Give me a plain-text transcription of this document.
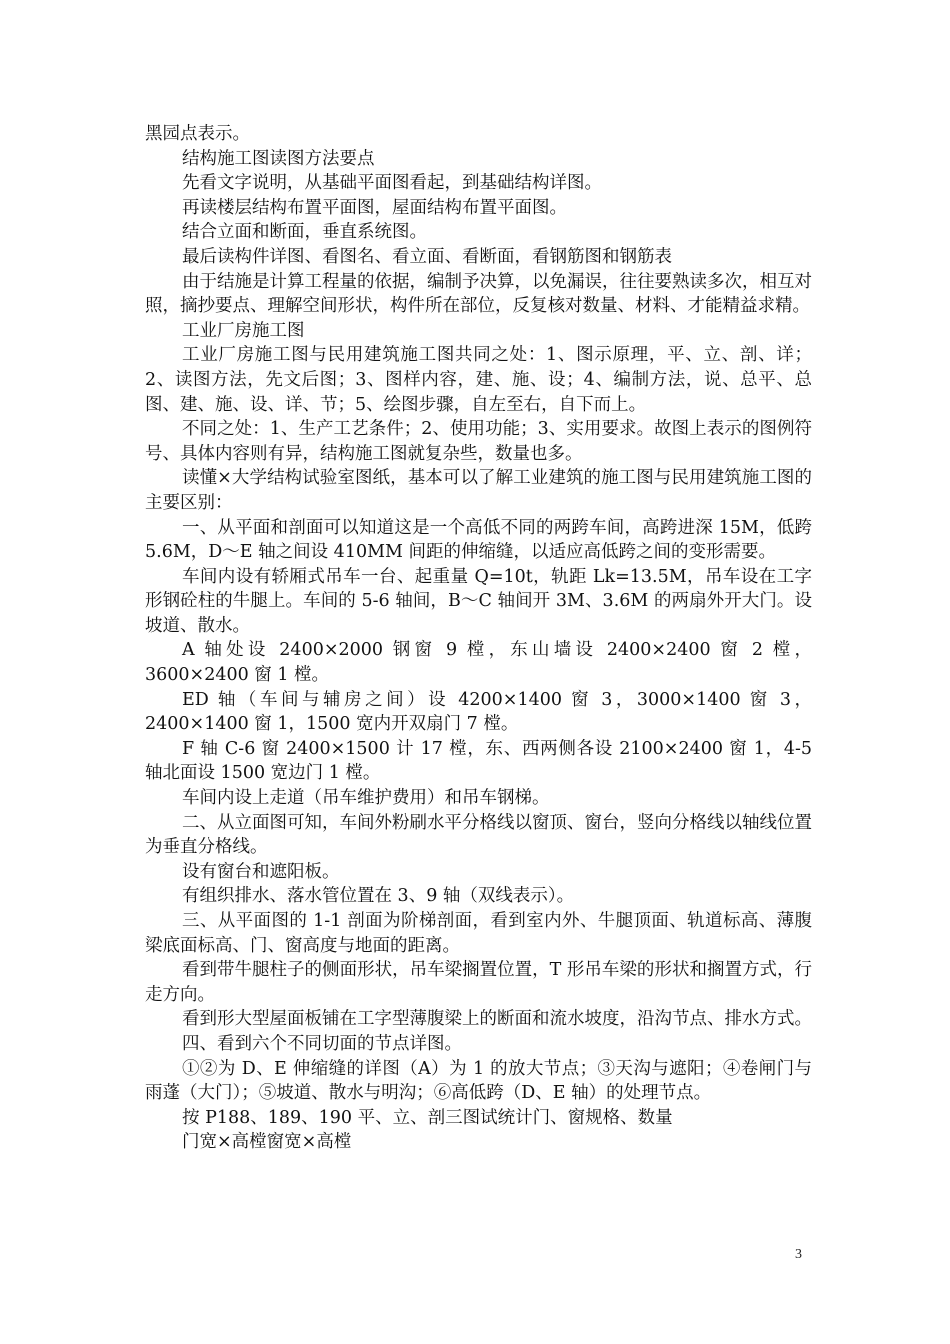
黑园点表示。

结构施工图读图方法要点

先看文字说明，从基础平面图看起，到基础结构详图。

再读楼层结构布置平面图，屋面结构布置平面图。

结合立面和断面，垂直系统图。

最后读构件详图、看图名、看立面、看断面，看钢筋图和钢筋表

由于结施是计算工程量的依据，编制予决算，以免漏误，往往要熟读多次，相互对照，摘抄要点、理解空间形状，构件所在部位，反复核对数量、材料、才能精益求精。

工业厂房施工图

工业厂房施工图与民用建筑施工图共同之处：1、图示原理，平、立、剖、详；2、读图方法，先文后图；3、图样内容，建、施、设；4、编制方法，说、总平、总图、建、施、设、详、节；5、绘图步骤，自左至右，自下而上。

不同之处：1、生产工艺条件；2、使用功能；3、实用要求。故图上表示的图例符号、具体内容则有异，结构施工图就复杂些，数量也多。

读懂×大学结构试验室图纸，基本可以了解工业建筑的施工图与民用建筑施工图的主要区别：

一、从平面和剖面可以知道这是一个高低不同的两跨车间，高跨进深 15M，低跨 5.6M，D～E 轴之间设 410MM 间距的伸缩缝，以适应高低跨之间的变形需要。

车间内设有轿厢式吊车一台、起重量 Q=10t，轨距 Lk=13.5M，吊车设在工字形钢砼柱的牛腿上。车间的 5-6 轴间，B～C 轴间开 3M、3.6M 的两扇外开大门。设坡道、散水。

A 轴处设 2400×2000 钢窗 9 樘，东山墙设 2400×2400 窗 2 樘，3600×2400 窗 1 樘。

ED 轴（车间与辅房之间）设 4200×1400 窗 3，3000×1400 窗 3，2400×1400 窗 1，1500 宽内开双扇门 7 樘。

F 轴 C-6 窗 2400×1500 计 17 樘，东、西两侧各设 2100×2400 窗 1，4-5 轴北面设 1500 宽边门 1 樘。

车间内设上走道（吊车维护费用）和吊车钢梯。

二、从立面图可知，车间外粉刷水平分格线以窗顶、窗台，竖向分格线以轴线位置为垂直分格线。

设有窗台和遮阳板。

有组织排水、落水管位置在 3、9 轴（双线表示）。

三、从平面图的 1-1 剖面为阶梯剖面，看到室内外、牛腿顶面、轨道标高、薄腹梁底面标高、门、窗高度与地面的距离。

看到带牛腿柱子的侧面形状，吊车梁搁置位置，T 形吊车梁的形状和搁置方式，行走方向。

看到形大型屋面板铺在工字型薄腹梁上的断面和流水坡度，沿沟节点、排水方式。

四、看到六个不同切面的节点详图。

①②为 D、E 伸缩缝的详图（A）为 1 的放大节点；③天沟与遮阳；④卷闸门与雨蓬（大门）；⑤坡道、散水与明沟；⑥高低跨（D、E 轴）的处理节点。

按 P188、189、190 平、立、剖三图试统计门、窗规格、数量

门宽×高樘窗宽×高樘

3
